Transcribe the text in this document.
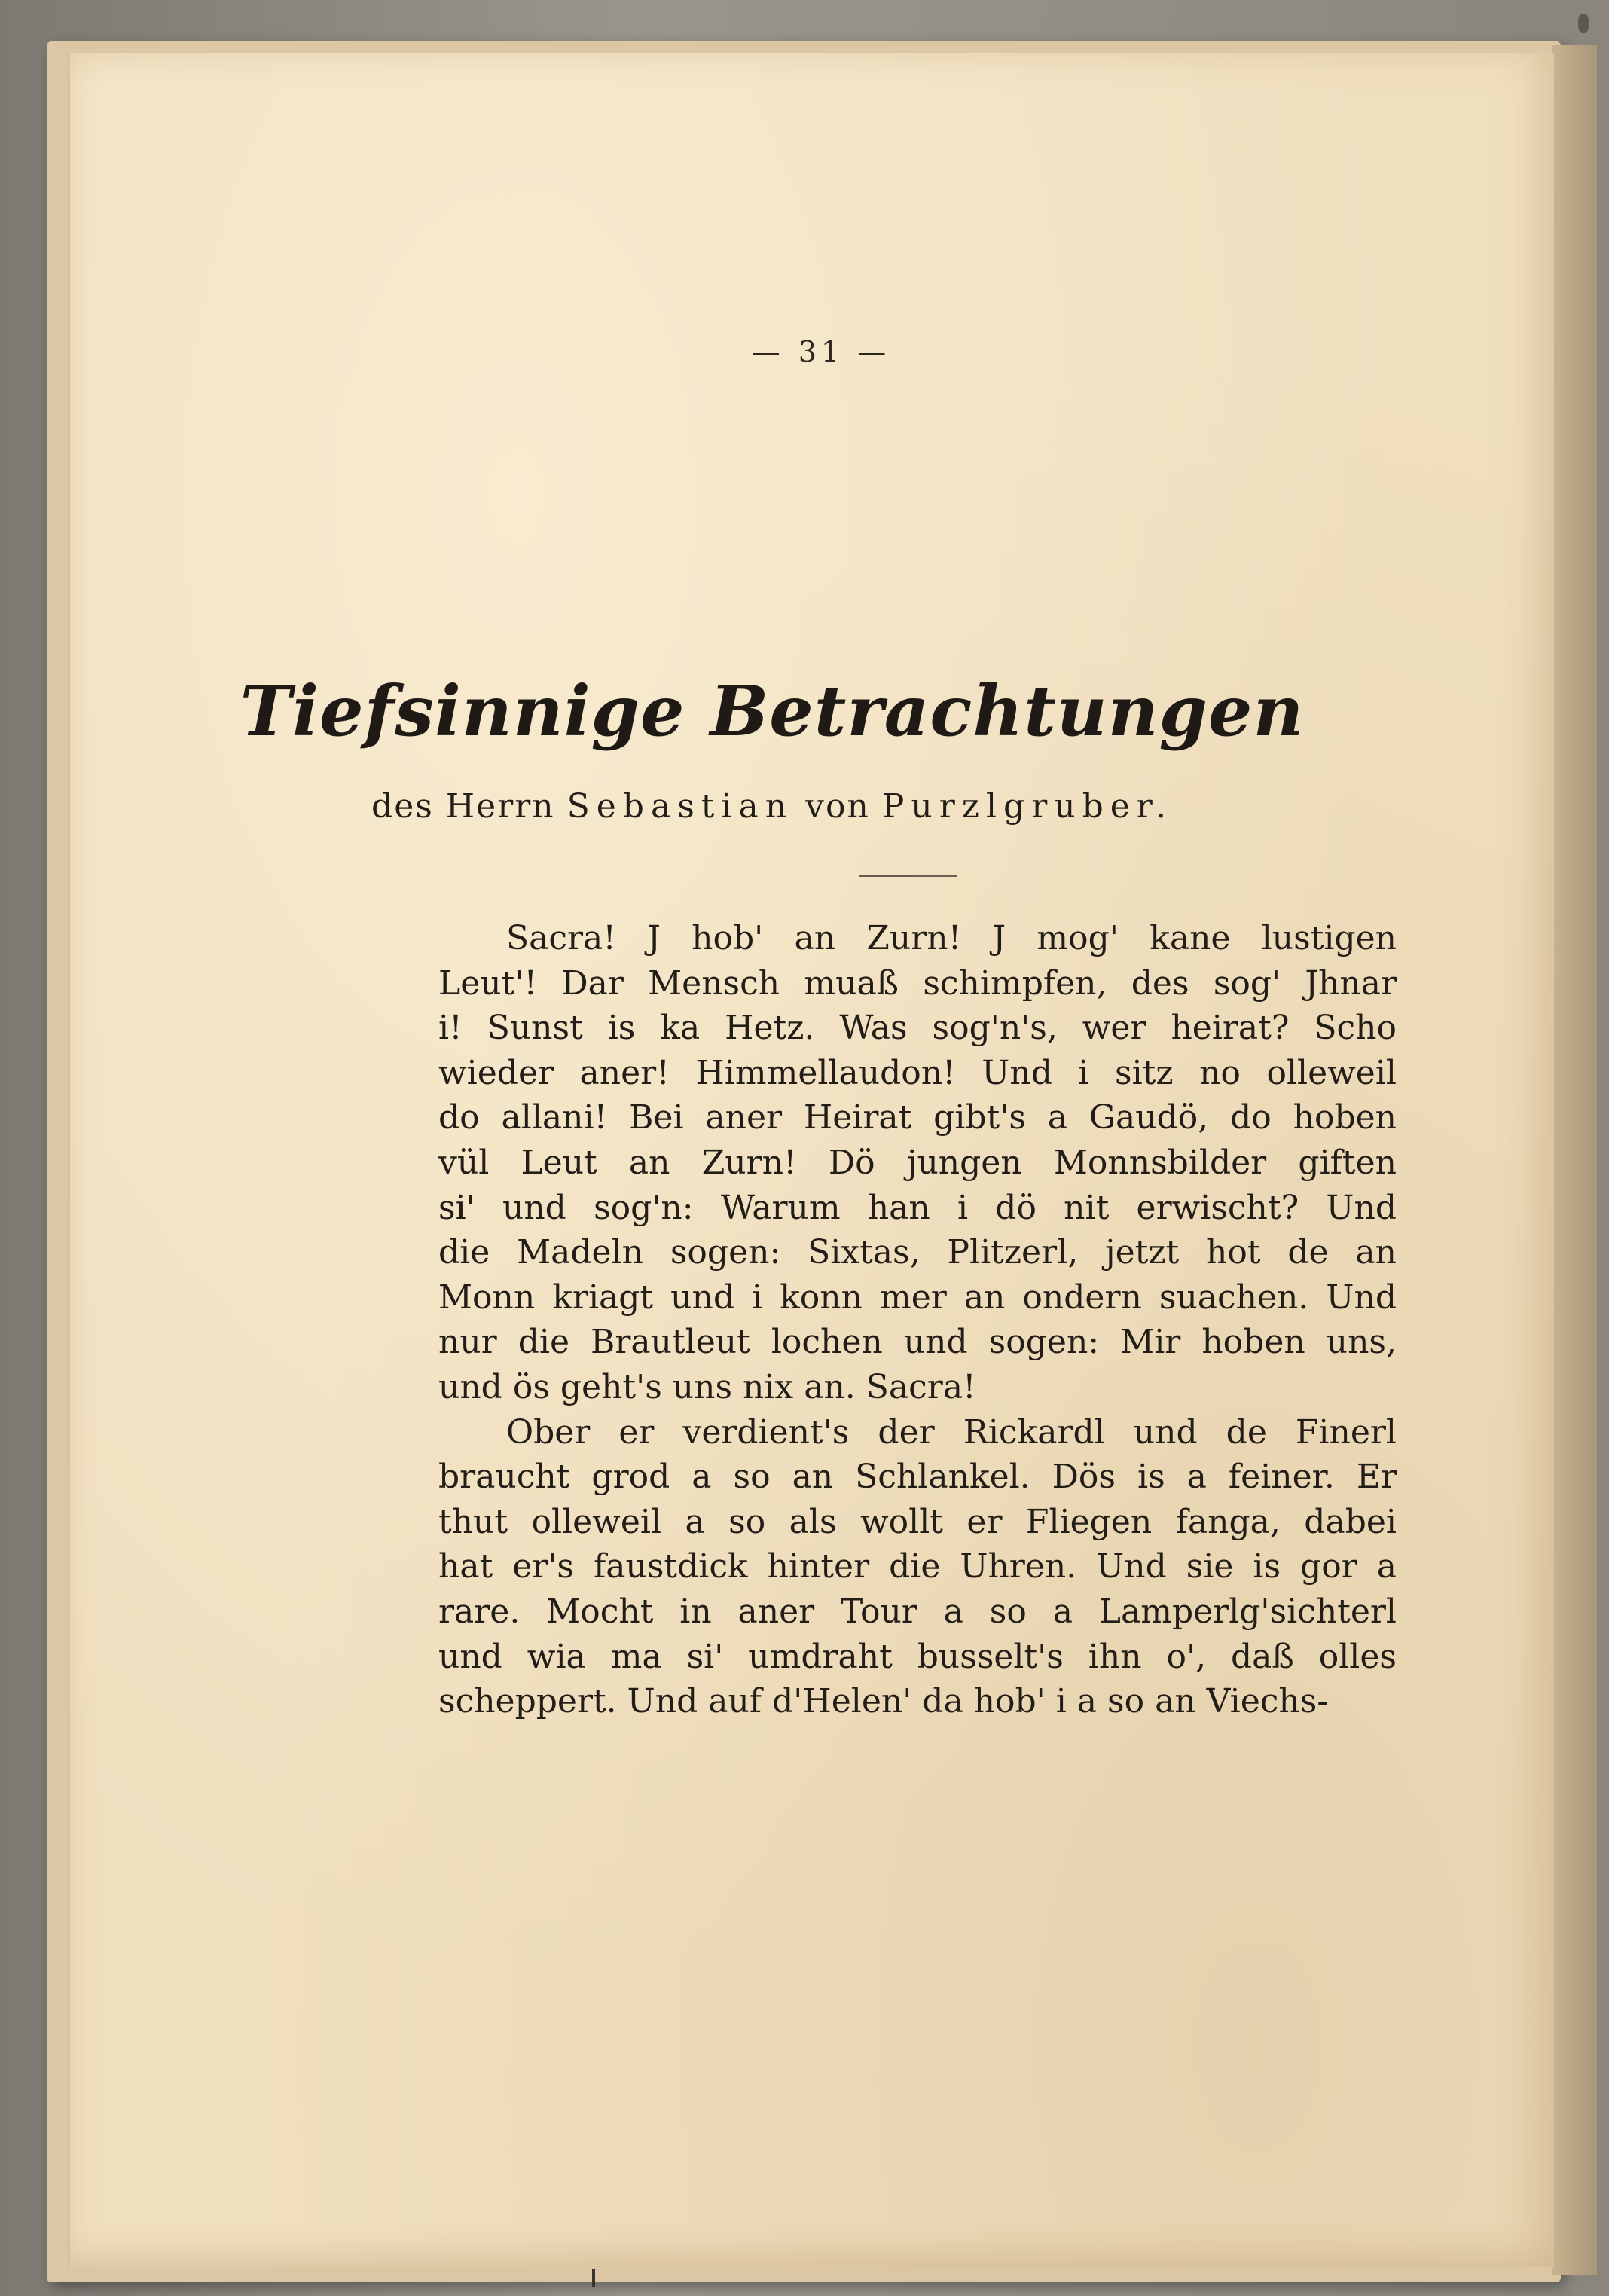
— 31 —
Tiefsinnige Betrachtungen
des Herrn Sebastian von Purzlgruber.
Sacra! J hob' an Zurn! J mog' kane lustigen
Leut'! Dar Mensch muaß schimpfen, des sog' Jhnar
i! Sunst is ka Hetz. Was sog'n's, wer heirat? Scho
wieder aner! Himmellaudon! Und i sitz no olleweil
do allani! Bei aner Heirat gibt's a Gaudö, do hoben
vül Leut an Zurn! Dö jungen Monnsbilder giften
si' und sog'n: Warum han i dö nit erwischt? Und
die Madeln sogen: Sixtas, Plitzerl, jetzt hot de an
Monn kriagt und i konn mer an ondern suachen. Und
nur die Brautleut lochen und sogen: Mir hoben uns,
und ös geht's uns nix an. Sacra!
Ober er verdient's der Rickardl und de Finerl
braucht grod a so an Schlankel. Dös is a feiner. Er
thut olleweil a so als wollt er Fliegen fanga, dabei
hat er's faustdick hinter die Uhren. Und sie is gor a
rare. Mocht in aner Tour a so a Lamperlg'sichterl
und wia ma si' umdraht busselt's ihn o', daß olles
scheppert. Und auf d'Helen' da hob' i a so an Viechs-
